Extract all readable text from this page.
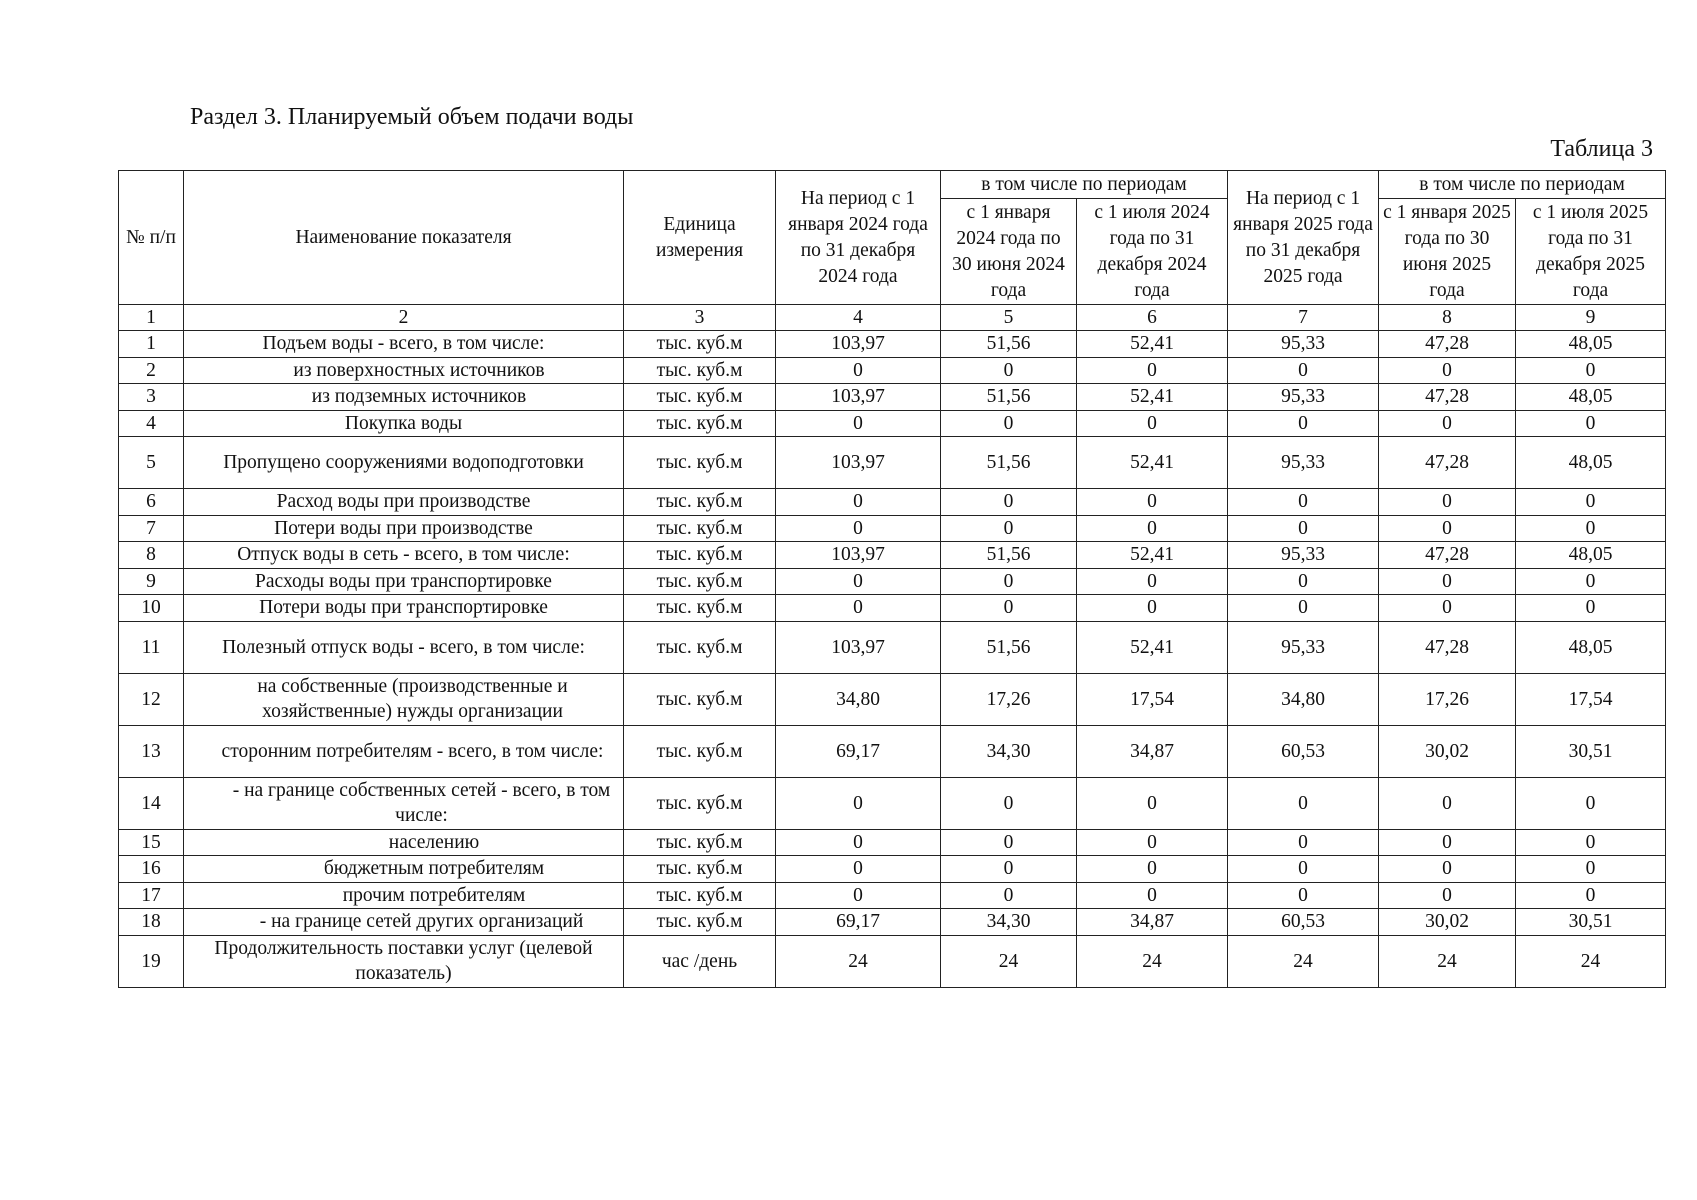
Раздел 3. Планируемый объем подачи воды
Таблица 3
№ п/п	Наименование показателя	Единица измерения	На период с 1 января 2024 года по 31 декабря 2024 года	в том числе по периодам		На период с 1 января 2025 года по 31 декабря 2025 года	в том числе по периодам	
				с 1 января 2024 года по 30 июня 2024 года	с 1 июля 2024 года по 31 декабря 2024 года		с 1 января 2025 года по 30 июня 2025 года	с 1 июля 2025 года по 31 декабря 2025 года
1	2	3	4	5	6	7	8	9
1	Подъем воды - всего, в том числе:	тыс. куб.м	103,97	51,56	52,41	95,33	47,28	48,05
2	из поверхностных источников	тыс. куб.м	0	0	0	0	0	0
3	из подземных источников	тыс. куб.м	103,97	51,56	52,41	95,33	47,28	48,05
4	Покупка воды	тыс. куб.м	0	0	0	0	0	0
5	Пропущено сооружениями водоподготовки	тыс. куб.м	103,97	51,56	52,41	95,33	47,28	48,05
6	Расход воды при производстве	тыс. куб.м	0	0	0	0	0	0
7	Потери воды при производстве	тыс. куб.м	0	0	0	0	0	0
8	Отпуск воды в сеть - всего, в том числе:	тыс. куб.м	103,97	51,56	52,41	95,33	47,28	48,05
9	Расходы воды при транспортировке	тыс. куб.м	0	0	0	0	0	0
10	Потери воды при транспортировке	тыс. куб.м	0	0	0	0	0	0
11	Полезный отпуск воды - всего, в том числе:	тыс. куб.м	103,97	51,56	52,41	95,33	47,28	48,05
12	на собственные (производственные и хозяйственные) нужды организации	тыс. куб.м	34,80	17,26	17,54	34,80	17,26	17,54
13	сторонним потребителям - всего, в том числе:	тыс. куб.м	69,17	34,30	34,87	60,53	30,02	30,51
14	- на границе собственных сетей - всего, в том числе:	тыс. куб.м	0	0	0	0	0	0
15	населению	тыс. куб.м	0	0	0	0	0	0
16	бюджетным потребителям	тыс. куб.м	0	0	0	0	0	0
17	прочим потребителям	тыс. куб.м	0	0	0	0	0	0
18	- на границе сетей других организаций	тыс. куб.м	69,17	34,30	34,87	60,53	30,02	30,51
19	Продолжительность поставки услуг (целевой показатель)	час /день	24	24	24	24	24	24
